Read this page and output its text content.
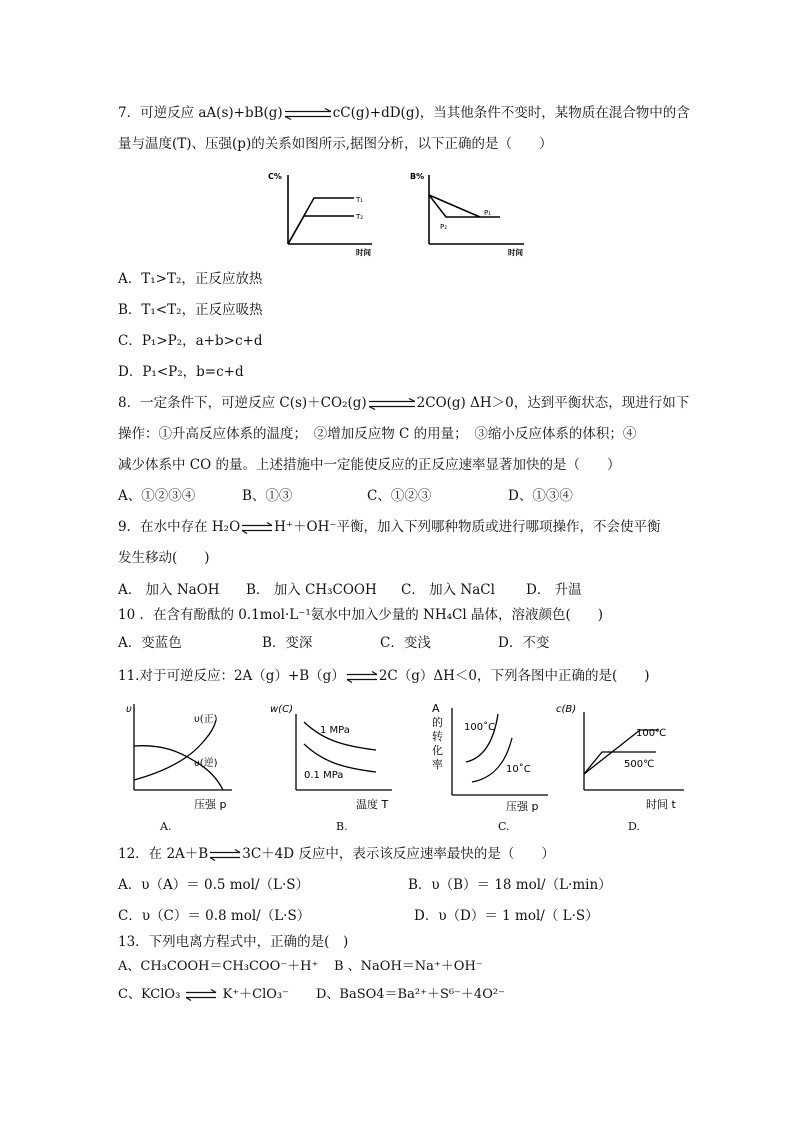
7．可逆反应 aA(s)+bB(g)⇌cC(g)+dD(g)，当其他条件不变时，某物质在混合物中的含
量与温度(T)、压强(p)的关系如图所示,据图分析，以下正确的是（　　）
C%
时间
T₁
T₂
B%
时间
P₁
P₂
A．T₁>T₂，正反应放热
B．T₁<T₂，正反应吸热
C．P₁>P₂，a+b>c+d
D．P₁<P₂，b=c+d
8．一定条件下，可逆反应 C(s)＋CO₂(g)⇌2CO(g) ΔH＞0，达到平衡状态，现进行如下
操作：①升高反应体系的温度；　②增加反应物 C 的用量；　③缩小反应体系的体积；④
减少体系中 CO 的量。上述措施中一定能使反应的正反应速率显著加快的是（　　）
A、①②③④	B、①③	C、①②③	D、①③④
9．在水中存在 H₂O⇌H⁺＋OH⁻平衡，加入下列哪种物质或进行哪项操作，不会使平衡
发生移动(　　)
A． 加入 NaOH B． 加入 CH₃COOH C． 加入 NaCl D． 升温
10 ．在含有酚酞的 0.1mol·L⁻¹氨水中加入少量的 NH₄Cl 晶体，溶液颜色(　　)
A．变蓝色	B．变深	C．变浅	D．不变
11.对于可逆反应：2A（g）+B（g）⇌2C（g）ΔH＜0，下列各图中正确的是(　　)
υ
压强 p
υ(正)
υ(逆)
A.
w(C)
温度 T
1 MPa
0.1 MPa
B.
A 的转化率
压强 p
100˚C
10˚C
C.
c(B)
时间 t
100℃
500℃
D.
12．在 2A＋B⇌3C＋4D 反应中，表示该反应速率最快的是（　　）
A．υ（A）＝ 0.5 mol/（L·S）	B．υ（B）＝ 18 mol/（L·min）
C．υ（C）＝ 0.8 mol/（L·S）	D．υ（D）＝ 1 mol/（ L·S）
13．下列电离方程式中，正确的是(　)
A、CH₃COOH＝CH₃COO⁻＋H⁺ B 、NaOH＝Na⁺＋OH⁻
C、KClO₃ ⇌ K⁺＋ClO₃⁻ D、BaSO4＝Ba²⁺＋S⁶⁻＋4O²⁻
